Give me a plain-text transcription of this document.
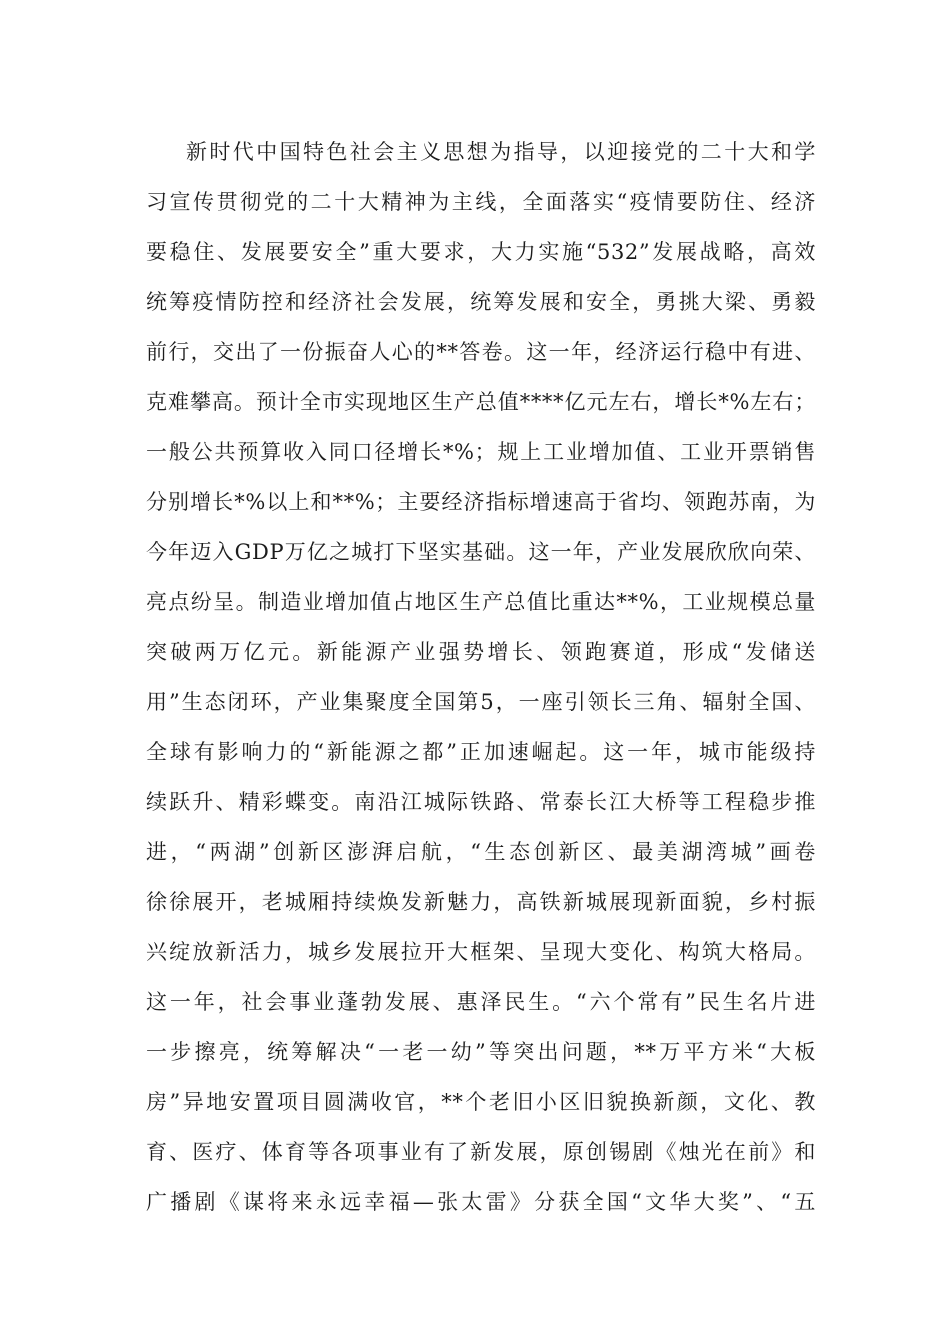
新时代中国特色社会主义思想为指导，以迎接党的二十大和学
习宣传贯彻党的二十大精神为主线，全面落实“疫情要防住、经济
要稳住、发展要安全”重大要求，大力实施“532”发展战略，高效
统筹疫情防控和经济社会发展，统筹发展和安全，勇挑大梁、勇毅
前行，交出了一份振奋人心的**答卷。这一年，经济运行稳中有进、
克难攀高。预计全市实现地区生产总值****亿元左右，增长*%左右；
一般公共预算收入同口径增长*%；规上工业增加值、工业开票销售
分别增长*%以上和**%；主要经济指标增速高于省均、领跑苏南，为
今年迈入GDP万亿之城打下坚实基础。这一年，产业发展欣欣向荣、
亮点纷呈。制造业增加值占地区生产总值比重达**%，工业规模总量
突破两万亿元。新能源产业强势增长、领跑赛道，形成“发储送
用”生态闭环，产业集聚度全国第5，一座引领长三角、辐射全国、
全球有影响力的“新能源之都”正加速崛起。这一年，城市能级持
续跃升、精彩蝶变。南沿江城际铁路、常泰长江大桥等工程稳步推
进，“两湖”创新区澎湃启航，“生态创新区、最美湖湾城”画卷
徐徐展开，老城厢持续焕发新魅力，高铁新城展现新面貌，乡村振
兴绽放新活力，城乡发展拉开大框架、呈现大变化、构筑大格局。
这一年，社会事业蓬勃发展、惠泽民生。“六个常有”民生名片进
一步擦亮，统筹解决“一老一幼”等突出问题，**万平方米“大板
房”异地安置项目圆满收官，**个老旧小区旧貌换新颜，文化、教
育、医疗、体育等各项事业有了新发展，原创锡剧《烛光在前》和
广播剧《谋将来永远幸福—张太雷》分获全国“文华大奖”、“五
